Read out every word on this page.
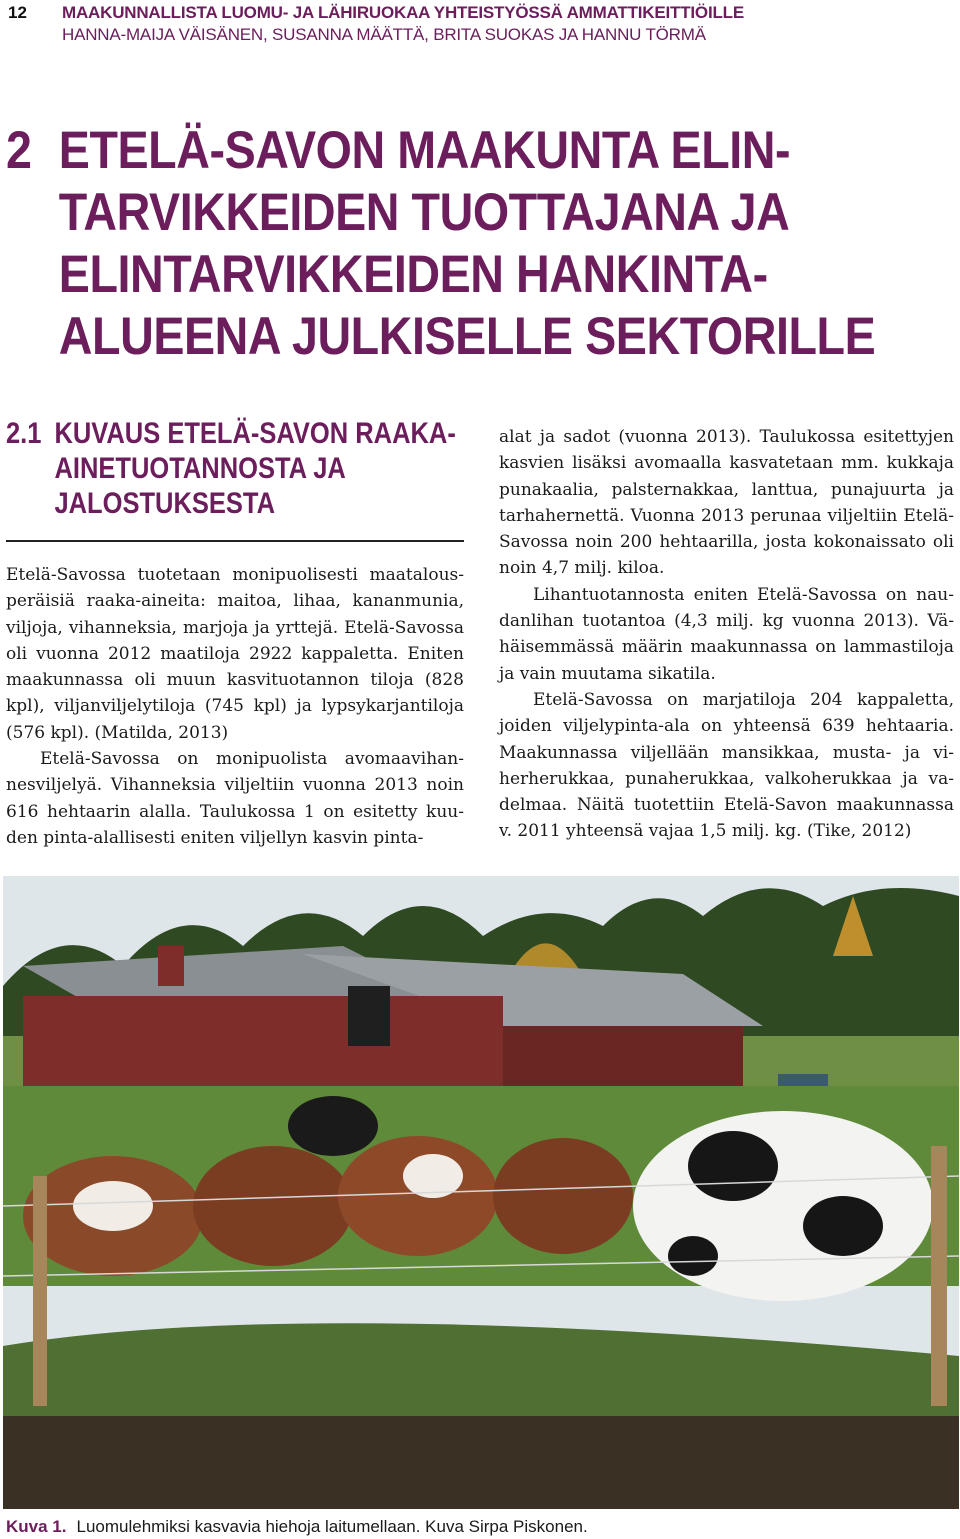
12 MAAKUNNALLISTA LUOMU- JA LÄHIRUOKAA YHTEISTYÖSSÄ AMMATTIKEITTIÖILLE
HANNA-MAIJA VÄISÄNEN, SUSANNA MÄÄTTÄ, BRITA SUOKAS JA HANNU TÖRMÄ
2 ETELÄ-SAVON MAAKUNTA ELIN-
TARVIKKEIDEN TUOTTAJANA JA
ELINTARVIKKEIDEN HANKINTA-
ALUEENA JULKISELLE SEKTORILLE
2.1 KUVAUS ETELÄ-SAVON RAAKA-
AINETUOTANNOSTA JA
JALOSTUKSESTA

Etelä-Savossa tuotetaan monipuolisesti maatalousperäisiä raaka-aineita: maitoa, lihaa, kananmunia, viljoja, vihanneksia, marjoja ja yrttejä. Etelä-Savossa oli vuonna 2012 maatiloja 2922 kappaletta. Eniten maakunnassa oli muun kasvituotannon tiloja (828 kpl), viljanviljelytiloja (745 kpl) ja lypsykarjantiloja (576 kpl). (Matilda, 2013)

Etelä-Savossa on monipuolista avomaavihannesviljelyä. Vihanneksia viljeltiin vuonna 2013 noin 616 hehtaarin alalla. Taulukossa 1 on esitetty kuuden pinta-alallisesti eniten viljellyn kasvin pinta-

alat ja sadot (vuonna 2013). Taulukossa esitettyjen kasvien lisäksi avomaalla kasvatetaan mm. kukkaja punakaalia, palsternakkaa, lanttua, punajuurta ja tarhahernettä. Vuonna 2013 perunaa viljeltiin Etelä-Savossa noin 200 hehtaarilla, josta kokonaissato oli noin 4,7 milj. kiloa.

Lihantuotannosta eniten Etelä-Savossa on naudanlihan tuotantoa (4,3 milj. kg vuonna 2013). Vähäisemmässä määrin maakunnassa on lammastiloja ja vain muutama sikatila.

Etelä-Savossa on marjatiloja 204 kappaletta, joiden viljelypinta-ala on yhteensä 639 hehtaaria. Maakunnassa viljellään mansikkaa, musta- ja viherherukkaa, punaherukkaa, valkoherukkaa ja vadelmaa. Näitä tuotettiin Etelä-Savon maakunnassa v. 2011 yhteensä vajaa 1,5 milj. kg. (Tike, 2012)

Kuva 1. Luomulehmiksi kasvavia hiehoja laitumellaan. Kuva Sirpa Piskonen.
